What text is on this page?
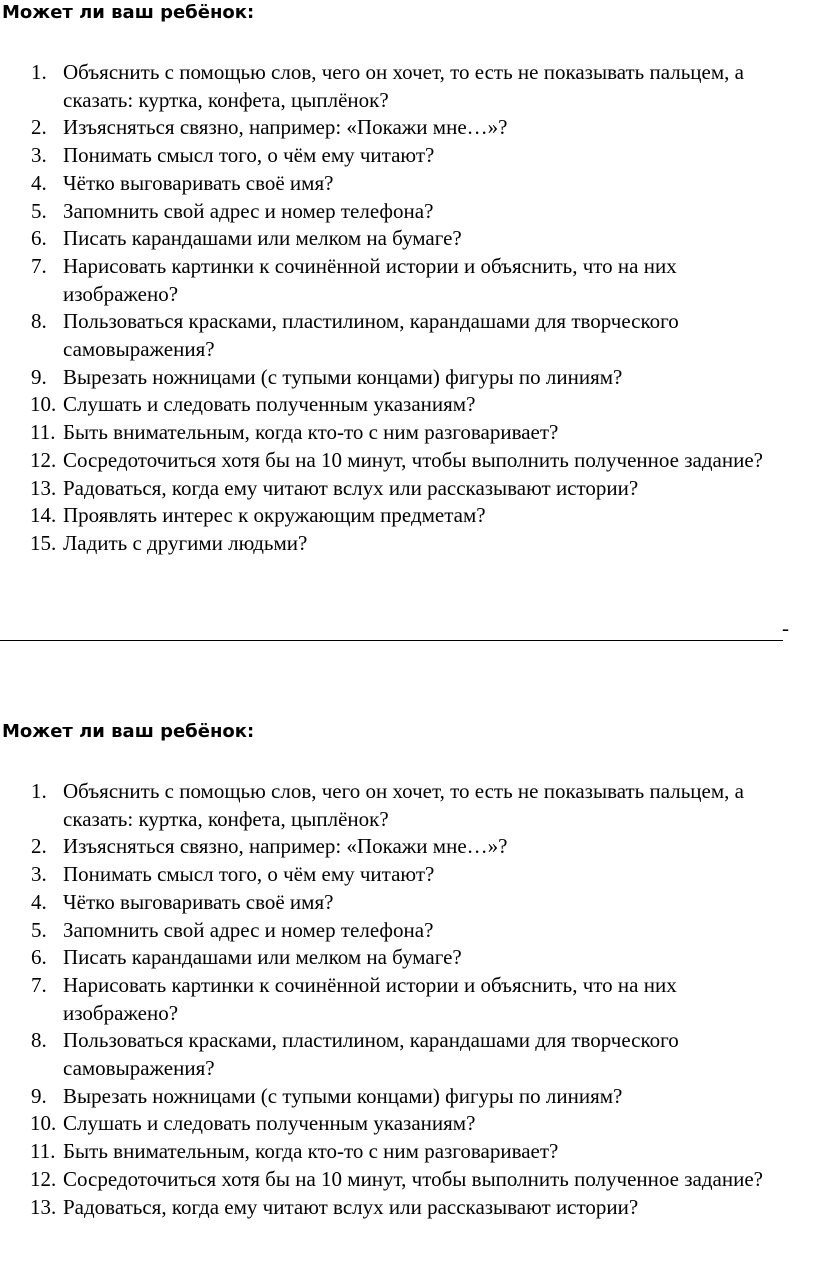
Может ли ваш ребёнок:
1. Объяснить с помощью слов, чего он хочет, то есть не показывать пальцем, а сказать: куртка, конфета, цыплёнок?
2. Изъясняться связно, например: «Покажи мне…»?
3. Понимать смысл того, о чём ему читают?
4. Чётко выговаривать своё имя?
5. Запомнить свой адрес и номер телефона?
6. Писать карандашами или мелком на бумаге?
7. Нарисовать картинки к сочинённой истории и объяснить, что на них изображено?
8. Пользоваться красками, пластилином, карандашами для творческого самовыражения?
9. Вырезать ножницами (с тупыми концами) фигуры по линиям?
10. Слушать и следовать полученным указаниям?
11. Быть внимательным, когда кто-то с ним разговаривает?
12. Сосредоточиться хотя бы на 10 минут, чтобы выполнить полученное задание?
13. Радоваться, когда ему читают вслух или рассказывают истории?
14. Проявлять интерес к окружающим предметам?
15. Ладить с другими людьми?
-
Может ли ваш ребёнок:
1. Объяснить с помощью слов, чего он хочет, то есть не показывать пальцем, а сказать: куртка, конфета, цыплёнок?
2. Изъясняться связно, например: «Покажи мне…»?
3. Понимать смысл того, о чём ему читают?
4. Чётко выговаривать своё имя?
5. Запомнить свой адрес и номер телефона?
6. Писать карандашами или мелком на бумаге?
7. Нарисовать картинки к сочинённой истории и объяснить, что на них изображено?
8. Пользоваться красками, пластилином, карандашами для творческого самовыражения?
9. Вырезать ножницами (с тупыми концами) фигуры по линиям?
10. Слушать и следовать полученным указаниям?
11. Быть внимательным, когда кто-то с ним разговаривает?
12. Сосредоточиться хотя бы на 10 минут, чтобы выполнить полученное задание?
13. Радоваться, когда ему читают вслух или рассказывают истории?
